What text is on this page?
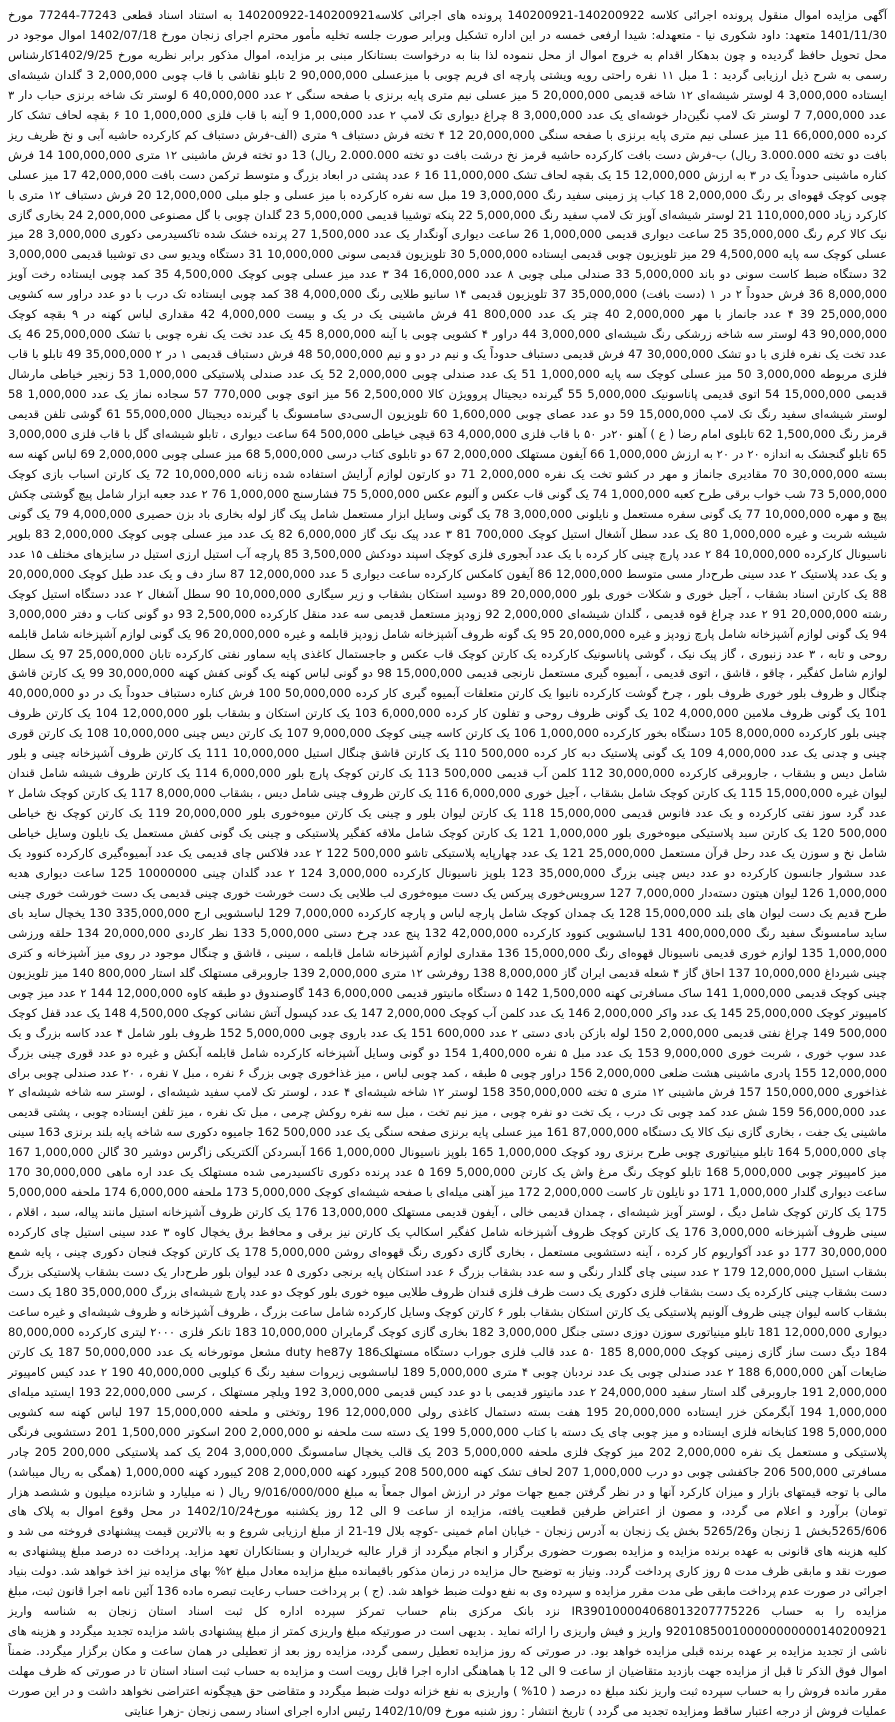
آگهی مزایده اموال منقول پرونده اجرائی کلاسه 140200922-140200921 پرونده های اجرائی کلاسه140200921-140200922 به استناد اسناد قطعی 77243-77244 مورخ 1401/11/30 متعهد: داود شکوری نیا - متعهدله: شیدا ارفعی خمسه در این اداره تشکیل وبرابر صورت جلسه تخلیه مأمور محترم اجرای زنجان مورخ 1402/07/18 اموال موجود در محل تحویل حافظ گردیده و چون بدهکار اقدام به خروج اموال از محل ننموده لذا بنا به درخواست بستانکار مبنی بر مزایده، اموال مذکور برابر نظریه مورخ 1402/9/25کارشناس رسمی به شرح ذیل ارزیابی گردید : 1 مبل ۱۱ نفره راحتی رویه ویشتی پارچه ای فریم چوبی با میزعسلی 90,000,000 2 تابلو نقاشی با قاب چوبی 2,000,000 3 گلدان شیشه‌ای ایستاده 3,000,000 4 لوستر شیشه‌ای ۱۲ شاخه قدیمی 20,000,000 5 میز عسلی نیم متری پایه برنزی با صفحه سنگی ۲ عدد 40,000,000 6 لوستر تک شاخه برنزی حباب دار ۳ عدد 7,000,000 7 لوستر تک لامپ نگین‌دار خوشه‌ای یک عدد 3,000,000 8 چراغ دیواری تک لامپ ۲ عدد 1,000,000 9 آینه با قاب فلزی 1,000,000 10 ۶ بقچه لحاف تشک کار کرده 66,000,000 11 میز عسلی نیم متری پایه برنزی با صفحه سنگی 20,000,000 12 ۴ تخته فرش دستباف ۹ متری (الف-فرش دستباف کم کارکرده حاشیه آبی و نخ ظریف ریز بافت دو تخته 3.000.000 ریال) ب-فرش دست بافت کارکرده حاشیه قرمز نخ درشت بافت دو تخته 2.000.000 ریال) 13 دو تخته فرش ماشینی ۱۲ متری 100,000,000 14 فرش کناره ماشینی حدوداً یک در ۳ به ارزش 12,000,000 15 یک بقچه لحاف تشک 11,000,000 16 ۶ عدد پشتی در ابعاد بزرگ و متوسط ترکمن دست بافت 42,000,000 17 میز عسلی چوبی کوچک قهوه‌ای بر رنگ 2,000,000 18 کباب پز زمینی سفید رنگ 3,000,000 19 مبل سه نفره کارکرده با میز عسلی و جلو مبلی 12,000,000 20 فرش دستباف ۱۲ متری با کارکرد زیاد 110,000,000 21 لوستر شیشه‌ای آویز تک لامپ سفید رنگ 5,000,000 22 پنکه توشیبا قدیمی 5,000,000 23 گلدان چوبی با گل مصنوعی 2,000,000 24 بخاری گازی نیک کالا کرم رنگ 35,000,000 25 ساعت دیواری قدیمی 1,000,000 26 ساعت دیواری آونگدار یک عدد 1,500,000 27 پرنده خشک شده تاکسیدرمی دکوری 3,000,000 28 میز عسلی کوچک سه پایه 4,500,000 29 میز تلویزیون چوبی قدیمی ایستاده 5,000,000 30 تلویزیون قدیمی سونی 10,000,000 31 دستگاه ویدیو سی دی توشیبا قدیمی 3,000,000 32 دستگاه ضبط کاست سونی دو باند 5,000,000 33 صندلی مبلی چوبی ۸ عدد 16,000,000 34 ۳ عدد میز عسلی چوبی کوچک 4,500,000 35 کمد چوبی ایستاده رخت آویز 8,000,000 36 فرش حدوداً ۲ در ۱ (دست بافت) 35,000,000 37 تلویزیون قدیمی ۱۴ سانیو طلایی رنگ 4,000,000 38 کمد چوبی ایستاده تک درب با دو عدد دراور سه کشویی 25,000,000 39 ۴ عدد جانماز با مهر 2,000,000 40 چتر یک عدد 800,000 41 فرش ماشینی یک در یک و بیست 4,000,000 42 مقداری لباس کهنه در ۹ بقچه کوچک 90,000,000 43 لوستر سه شاخه زرشکی رنگ شیشه‌ای 3,000,000 44 دراور ۴ کشویی چوبی با آینه 8,000,000 45 یک عدد تخت یک نفره چوبی با تشک 25,000,000 46 یک عدد تخت یک نفره فلزی با دو تشک 30,000,000 47 فرش قدیمی دستباف حدوداً یک و نیم در دو و نیم 50,000,000 48 فرش دستباف قدیمی ۱ در ۲ 35,000,000 49 تابلو با قاب فلزی مربوطه 3,000,000 50 میز عسلی کوچک سه پایه 1,000,000 51 یک عدد صندلی چوبی 2,000,000 52 یک عدد صندلی پلاستیکی 1,000,000 53 زنجیر خیاطی مارشال قدیمی 15,000,000 54 اتوی قدیمی پاناسونیک 5,000,000 55 گیرنده دیجیتال پروویژن کالا 2,500,000 56 میز اتوی چوبی 770,000 57 سجاده نماز یک عدد 1,000,000 58 لوستر شیشه‌ای سفید رنگ تک لامپ 15,000,000 59 دو عدد عصای چوبی 1,600,000 60 تلویزیون ال‌سی‌دی سامسونگ با گیرنده دیجیتال 55,000,000 61 گوشی تلفن قدیمی قرمز رنگ 1,500,000 62 تابلوی امام رضا ( ع ) آهنو ۲۰در ۵۰ با قاب فلزی 4,000,000 63 قیچی خیاطی 500,000 64 ساعت دیواری ، تابلو شیشه‌ای گل با قاب فلزی 3,000,000 65 تابلو گنجشک به اندازه ۲۰ در ۲۰ به ارزش 1,000,000 66 آیفون مستهلک 2,000,000 67 دو تابلوی کتاب درسی 5,000,000 68 میز عسلی چوبی 2,000,000 69 لباس کهنه سه بسته 30,000,000 70 مقادیری جانماز و مهر در کشو تخت یک نفره 2,000,000 71 دو کارتون لوازم آرایش استفاده شده زنانه 10,000,000 72 یک کارتن اسباب بازی کوچک 5,000,000 73 شب خواب برقی طرح کعبه 1,000,000 74 یک گونی قاب عکس و آلبوم عکس 5,000,000 75 فشارسنج 1,000,000 76 ۲ عدد جعبه ابزار شامل پیچ گوشتی چکش پیچ و مهره 10,000,000 77 یک گونی سفره مستعمل و نایلونی 3,000,000 78 یک گونی وسایل ابزار مستعمل شامل پیک گاز لوله بخاری باد بزن حصیری 4,000,000 79 یک گونی شیشه شربت و غیره 1,000,000 80 یک عدد سطل آشغال استیل کوچک 700,000 81 ۳ عدد پیک نیک گاز 6,000,000 82 یک عدد میز عسلی چوبی کوچک 2,000,000 83 بلوپر ناسیونال کارکرده 10,000,000 84 ۲ عدد پارچ چینی کار کرده با یک عدد آبجوری فلزی کوچک اسپند دودکش 3,500,000 85 پارچه آب استیل ارزی استیل در سایزهای مختلف ۱۵ عدد و یک عدد پلاستیک ۲ عدد سینی طرح‌دار مسی متوسط 12,000,000 86 آیفون کامکس کارکرده ساعت دیواری 5 عدد 12,000,000 87 ساز دف و یک عدد طبل کوچک 20,000,000 88 یک کارتن اسناد بشقاب ، آجیل خوری و شکلات خوری بلور 20,000,000 89 دوسید استکان بشقاب و زیر سیگاری 10,000,000 90 سطل آشغال ۲ عدد دستگاه استیل کوچک رشته 20,000,000 91 ۲ عدد چراغ قوه قدیمی ، گلدان شیشه‌ای 2,000,000 92 زودپز مستعمل قدیمی سه عدد منقل کارکرده 2,500,000 93 دو گونی کتاب و دفتر 3,000,000 94 یک گونی لوازم آشپزخانه شامل پارچ زودپز و غیره 20,000,000 95 یک گونه ظروف آشپزخانه شامل زودپز قابلمه و غیره 20,000,000 96 یک گونی لوازم آشپزخانه شامل قابلمه روحی و تابه ، ۳ عدد زنبوری ، گاز پیک نیک ، گوشی پاناسونیک کارکرده یک کارتن کوچک قاب عکس و جاجستمال کاغذی پایه سماور نفتی کارکرده تابان 25,000,000 97 یک سطل لوازم شامل کفگیر ، چاقو ، قاشق ، اتوی قدیمی ، آبمیوه گیری مستعمل نارنجی قدیمی 15,000,000 98 دو گونی لباس کهنه یک گونی کفش کهنه 30,000,000 99 یک کارتن قاشق چنگال و ظروف بلور خوری ظروف بلور ، چرخ گوشت کارکرده نانیوا یک کارتن متعلقات آبمیوه گیری کار کرده 50,000,000 100 فرش کناره دستباف حدوداً یک در دو 40,000,000 101 یک گونی ظروف ملامین 4,000,000 102 یک گونی ظروف روحی و تفلون کار کرده 6,000,000 103 یک کارتن استکان و بشقاب بلور 12,000,000 104 یک کارتن ظروف چینی بلور کارکرده 8,000,000 105 دستگاه بخور کارکرده 1,000,000 106 یک کارتن کاسه چینی کوچک 9,000,000 107 یک کارتن دیس چینی 10,000,000 108 یک کارتن قوری چینی و چدنی یک عدد 4,000,000 109 یک گونی پلاستیک دبه کار کرده 500,000 110 یک کارتن قاشق چنگال استیل 10,000,000 111 یک کارتن ظروف آشپزخانه چینی و بلور شامل دیس و بشقاب ، جاروبرقی کارکرده 30,000,000 112 کلمن آب قدیمی 500,000 113 یک کارتن کوچک پارچ بلور 6,000,000 114 یک کارتن ظروف شیشه شامل قندان لیوان غیره 15,000,000 115 یک کارتن کوچک شامل بشقاب ، آجیل خوری 6,000,000 116 یک کارتن ظروف چینی شامل دیس ، بشقاب 8,000,000 117 یک کارتن کوچک شامل ۲ عدد گرد سوز نفتی کارکرده و یک عدد فانوس قدیمی 15,000,000 118 یک کارتن لیوان بلور و چینی یک کارتن میوه‌خوری بلور 20,000,000 119 یک کارتن کوچک نخ خیاطی 500,000 120 یک کارتن سبد پلاستیکی میوه‌خوری بلور 1,000,000 121 یک کارتن کوچک شامل ملاقه کفگیر پلاستیکی و چینی یک گونی کفش مستعمل یک نایلون وسایل خیاطی شامل نخ و سوزن یک عدد رحل قرآن مستعمل 25,000,000 121 یک عدد چهارپایه پلاستیکی تاشو 500,000 122 ۲ عدد فلاکس چای قدیمی یک عدد آبمیوه‌گیری کارکرده کنوود یک عدد سشوار جانسون کارکرده دو عدد دیس چینی بزرگ 35,000,000 123 بلوپز ناسیونال کارکرده 3,000,000 124 ۲ عدد گلدان چینی 10000000 125 ساعت دیواری هدیه 1,000,000 126 لیوان هیتون دسته‌دار 7,000,000 127 سرویس‌خوری پیرکس یک دست میوه‌خوری لب طلایی یک دست خورشت خوری چینی قدیمی یک دست خورشت خوری چینی طرح قدیم یک دست لیوان های بلند 15,000,000 128 یک چمدان کوچک شامل پارچه لباس و پارچه کارکرده 7,000,000 129 لباسشویی ارج 335,000,000 130 یخچال ساید بای ساید سامسونگ سفید رنگ 400,000,000 131 لباسشویی کنوود کارکرده 42,000,000 132 پنج عدد چرخ دستی 5,000,000 133 نظر کاردی 20,000,000 134 حلقه ورزشی 1,000,000 135 لوازم خوری قدیمی ناسیونال قهوه‌ای رنگ 15,000,000 136 مقداری لوازم آشپزخانه شامل قابلمه ، سینی ، قاشق و چنگال موجود در روی میز آشپزخانه و کتری چینی شیرداغ 10,000,000 137 احاق گاز ۴ شعله قدیمی ایران گاز 8,000,000 138 روفرشی ۱۲ متری 2,000,000 139 جاروبرقی مستهلک گلد استار 800,000 140 میز تلویزیون چینی کوچک قدیمی 1,000,000 141 ساک مسافرتی کهنه 1,500,000 142 ۵ دستگاه مانیتور قدیمی 6,000,000 143 گاوصندوق دو طبقه کاوه 12,000,000 144 ۲ عدد میز چوبی کامپیوتر کوچک 25,000,000 145 یک عدد واکر 2,000,000 146 یک عدد کلمن آب کوچک 2,000,000 147 یک عدد کپسول آتش نشانی کوچک 4,500,000 148 یک عدد قفل کوچک 500,000 149 چراغ نفتی قدیمی 2,000,000 150 لوله بازکن بادی دستی ۲ عدد 600,000 151 یک عدد باروی چوبی 5,000,000 152 ظروف بلور شامل ۴ عدد کاسه بزرگ و یک عدد سوپ خوری ، شربت خوری 9,000,000 153 یک عدد مبل ۵ نفره 1,400,000 154 دو گونی وسایل آشپزخانه کارکرده شامل قابلمه آبکش و غیره دو عدد قوری چینی بزرگ 12,000,000 155 پادری ماشینی هشت ضلعی 2,000,000 156 دراور چوبی ۵ طبقه ، کمد چوبی لباس ، میز غذاخوری چوبی بزرگ ۶ نفره ، مبل ۷ نفره ، ۲۰ عدد صندلی چوبی برای غذاخوری 150,000,000 157 فرش ماشینی ۱۲ متری ۵ تخته 350,000,000 158 لوستر ۱۲ شاخه شیشه‌ای ۴ عدد ، لوستر تک لامپ سفید شیشه‌ای ، لوستر سه شاخه شیشه‌ای ۲ عدد 56,000,000 159 شش عدد کمد چوبی تک درب ، یک تخت دو نفره چوبی ، میز نیم تخت ، مبل سه نفره روکش چرمی ، مبل تک نفره ، میز تلفن ایستاده چوبی ، پشتی قدیمی ماشینی یک جفت ، بخاری گازی نیک کالا یک دستگاه 87,000,000 161 میز عسلی پایه برنزی صفحه سنگی یک عدد 500,000 162 جامیوه دکوری سه شاخه پایه بلند برنزی 163 سینی چای 5,000,000 164 تابلو مینیاتوری چوبی طرح برنزی رود کوچک 1,000,000 165 بلوپز ناسیونال 1,000,000 166 آبسردکن آلکتریکی زاگرس دوشیر 30 گالن 1,000,000 167 میز کامپیوتر چوبی 5,000,000 168 تابلو کوچک رنگ مرغ واش یک کارتن 5,000,000 169 ۵ عدد پرنده دکوری تاکسیدرمی شده مستهلک یک عدد اره ماهی 30,000,000 170 ساعت دیواری گلدار 1,000,000 171 دو نایلون تار کاست 2,000,000 172 میز آهنی میله‌ای با صفحه شیشه‌ای کوچک 5,000,000 173 ملحفه 6,000,000 174 ملحفه 5,000,000 175 یک کارتن کوچک شامل دیگ ، لوستر آویز شیشه‌ای ، چمدان قدیمی خالی ، آیفون قدیمی مستهلک 13,000,000 176 یک کارتن ظروف آشپزخانه استیل مانند پیاله، سبد ، اقلام ، سینی ظروف آشپزخانه 3,000,000 176 یک کارتن کوچک ظروف آشپزخانه شامل کفگیر اسکالپ یک کارتن نیز برقی و محافظ برق یخچال کاوه ۳ عدد سینی استیل چای کارکرده 30,000,000 177 دو عدد آکواریوم کار کرده ، آینه دستشویی مستعمل ، بخاری گازی دکوری رنگ قهوه‌ای روشن 5,000,000 178 یک کارتن کوچک فنجان دکوری چینی ، پایه شمع بشقاب استیل 12,000,000 179 ۲ عدد سینی چای گلدار رنگی و سه عدد بشقاب بزرگ ۶ عدد استکان پایه برنجی دکوری ۵ عدد لیوان بلور طرح‌دار یک دست بشقاب پلاستیکی بزرگ دست بشقاب چینی کارکرده یک دست بشقاب فلزی دکوری یک دست ظرف فلزی قندان ظروف طلایی میوه خوری بلور کوچک دو عدد پارچ شیشه‌ای بزرگ 35,000,000 180 یک دست بشقاب کاسه لیوان چینی ظروف آلونیم پلاستیکی یک کارتن استکان بشقاب بلور ۶ کارتن کوچک وسایل کارکرده شامل ساعت بزرگ ، ظروف آشپزخانه و ظروف شیشه‌ای و غیره ساعت دیواری 12,000,000 181 تابلو مینیاتوری سوزن دوزی دستی جنگل 3,000,000 182 بخاری گازی کوچک گرمایران 10,000,000 183 تانکر فلزی ۲۰۰۰ لیتری کارکرده 80,000,000 184 دیگ دست ساز گازی زمینی کوچک 8,000,000 185 ۵۰ عدد قالب فلزی جوراب دستگاه مستهلک186 duty he87y مشعل موتورخانه یک عدد 50,000,000 187 یک کارتن ضایعات آهن 6,000,000 188 ۲ عدد صندلی چوبی یک عدد نردبان چوبی ۴ متری 5,000,000 189 لباسشویی زیروات سفید رنگ 6 کیلویی 40,000,000 190 ۲ عدد کیس کامپیوتر 2,000,000 191 جاروبرقی گلد استار سفید 24,000,000 ۲ عدد مانیتور قدیمی با دو عدد کیس قدیمی 3,000,000 192 ویلچر مستهلک ، کرسی 22,000,000 193 ایستید میله‌ای 1,000,000 194 آبگرمکن خزر ایستاده 20,000,000 195 هفت بسته دستمال کاغذی رولی 12,000,000 196 روتختی و ملحفه 15,000,000 197 لباس کهنه سه کشویی 5,000,000 198 کتابخانه فلزی ایستاده و میز چوبی چای یک دسته با کتاب 5,000,000 199 یک دسته ست ملحفه نو 2,000,000 200 اسکوتر 1,500,000 201 دستشویی فرنگی پلاستیکی و مستعمل یک نفره 2,000,000 202 میز کوچک فلزی ملحفه 5,000,000 203 یک قالب یخچال سامسونگ 3,000,000 204 یک کمد پلاستیکی 200,000 205 چادر مسافرتی 500,000 206 جاکفشی چوبی دو درب 1,000,000 207 لحاف تشک کهنه 500,000 208 کیبورد کهنه 2,000,000 208 کیبورد کهنه 1,000,000 (همگی به ریال میباشد) مالی با توجه قیمتهای بازار و میزان کارکرد آنها و در نظر گرفتن جمیع جهات موثر در ارزش اموال جمعاً به مبلغ 9/016/000/000 ریال ( نه میلیارد و شانزده میلیون و ششصد هزار تومان) برآورد و اعلام می گردد، و مصون از اعتراض طرفین قطعیت یافته، مزایده از ساعت 9 الی 12 روز یکشنبه مورخ1402/10/24 در محل وقوع اموال به پلاک های 5265/606بخش 1 زنجان و5265/26 بخش یک زنجان به آدرس زنجان - خیابان امام خمینی -کوچه بلال 19-21 از مبلغ ارزیابی شروع و به بالاترین قیمت پیشنهادی فروخته می شد و کلیه هزینه های قانونی به عهده برنده مزایده و مزایده بصورت حضوری برگزار و انجام میگردد از قرار عالیه خریداران و بستانکاران تعهد مزاید. پرداخت ده درصد مبلغ پیشنهادی به صورت نقد و مابقی ظرف مدت ۵ روز کاری پرداخت گردد. ونیاز به توضیح حال مزایده در زمان مذکور باقیمانده مبلغ مزایده معادل مبلغ ۲% بهای مزایده نیز اخذ خواهد شد. دولت بنیاد اجرائی در صورت عدم پرداخت مابقی طی مدت مقرر مزایده و سپرده وی به نفع دولت ضبط خواهد شد. (ج ) بر پرداخت حساب رعایت تبصره ماده 136 آئین نامه اجرا قانون ثبت، مبلغ مزایده را به حساب IR390100004068013207775226 نزد بانک مرکزی بنام حساب تمرکز سپرده اداره کل ثبت اسناد استان زنجان به شناسه واریز 920108500100000000000140200921 واریز و فیش واریزی را ارائه نماید . بدیهی است در صورتیکه مبلغ واریزی کمتر از مبلغ پیشنهادی باشد مزایده تجدید میگردد و هزینه های ناشی از تجدید مزایده بر عهده برنده قبلی مزایده خواهد بود. در صورتی که روز مزایده تعطیل رسمی گردد، مزایده روز بعد از تعطیلی در همان ساعت و مکان برگزار میگردد. ضمناً اموال فوق الذکر تا قبل از مزایده جهت بازدید متقاضیان از ساعت 9 الی 12 با هماهنگی اداره اجرا قابل رویت است و مزایده به حساب ثبت اسناد استان تا در صورتی که ظرف مهلت مقرر مانده فروش را به حساب سپرده ثبت واریز نکند مبلغ ده درصد ( 10% ) واریزی به نفع خزانه دولت ضبط میگردد و متقاضی حق هیچگونه اعتراضی نخواهد داشت و در این صورت عملیات فروش از درجه اعتبار ساقط ومزایده تجدید می گردد ) تاریخ انتشار : روز شنبه مورخ 1402/10/09 رئیس اداره اجرای اسناد رسمی زنجان -زهرا عنایتی
